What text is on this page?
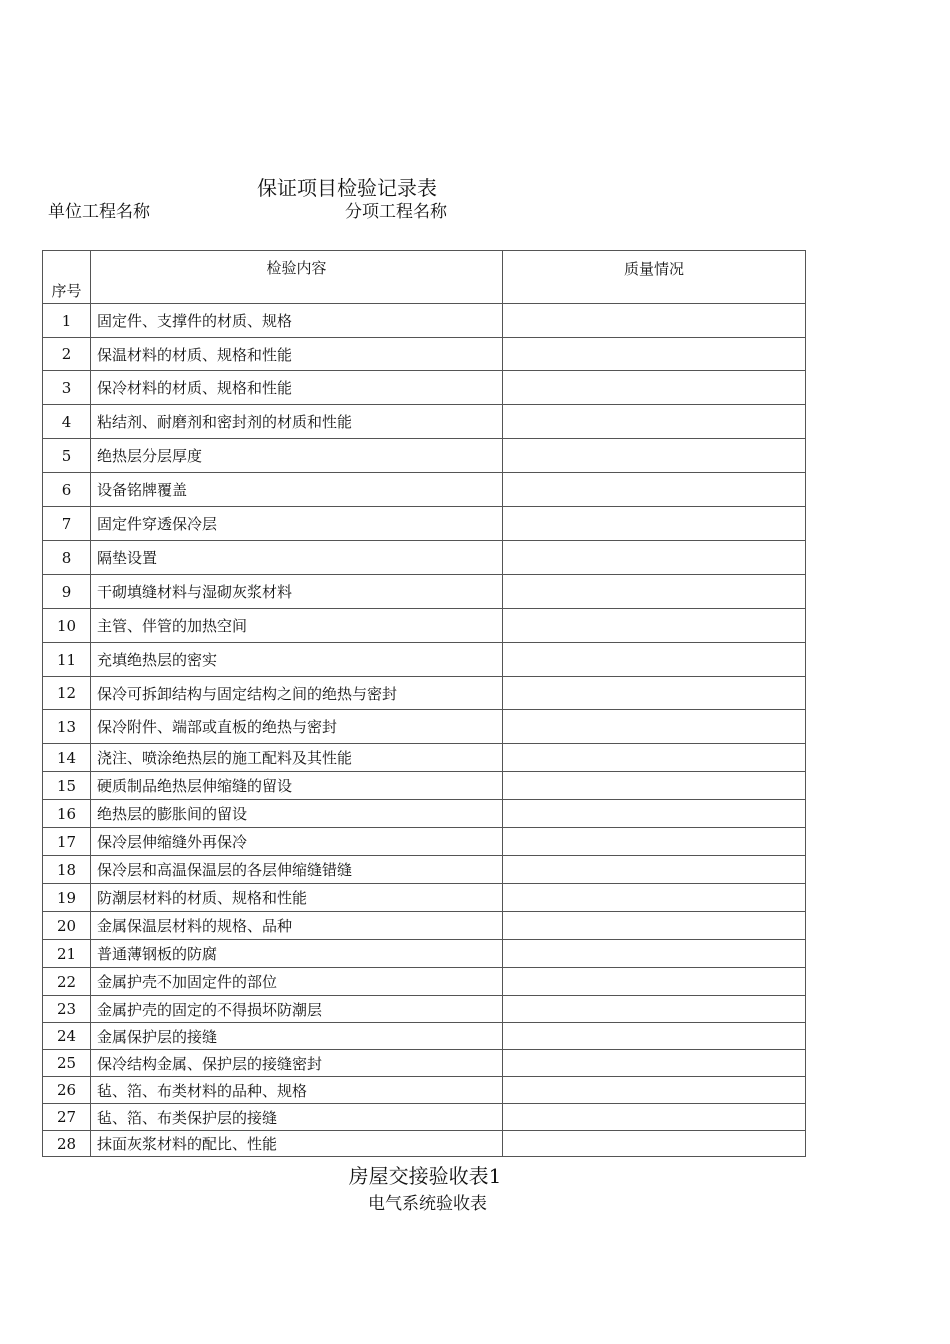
保证项目检验记录表
单位工程名称	分项工程名称
序号	检验内容	质量情况
1	固定件、支撑件的材质、规格	
2	保温材料的材质、规格和性能	
3	保冷材料的材质、规格和性能	
4	粘结剂、耐磨剂和密封剂的材质和性能	
5	绝热层分层厚度	
6	设备铭牌覆盖	
7	固定件穿透保冷层	
8	隔垫设置	
9	干砌填缝材料与湿砌灰浆材料	
10	主管、伴管的加热空间	
11	充填绝热层的密实	
12	保冷可拆卸结构与固定结构之间的绝热与密封	
13	保冷附件、端部或直板的绝热与密封	
14	浇注、喷涂绝热层的施工配料及其性能	
15	硬质制品绝热层伸缩缝的留设	
16	绝热层的膨胀间的留设	
17	保冷层伸缩缝外再保冷	
18	保冷层和高温保温层的各层伸缩缝错缝	
19	防潮层材料的材质、规格和性能	
20	金属保温层材料的规格、品种	
21	普通薄钢板的防腐	
22	金属护壳不加固定件的部位	
23	金属护壳的固定的不得损坏防潮层	
24	金属保护层的接缝	
25	保冷结构金属、保护层的接缝密封	
26	毡、箔、布类材料的品种、规格	
27	毡、箔、布类保护层的接缝	
28	抹面灰浆材料的配比、性能	
房屋交接验收表1
电气系统验收表
